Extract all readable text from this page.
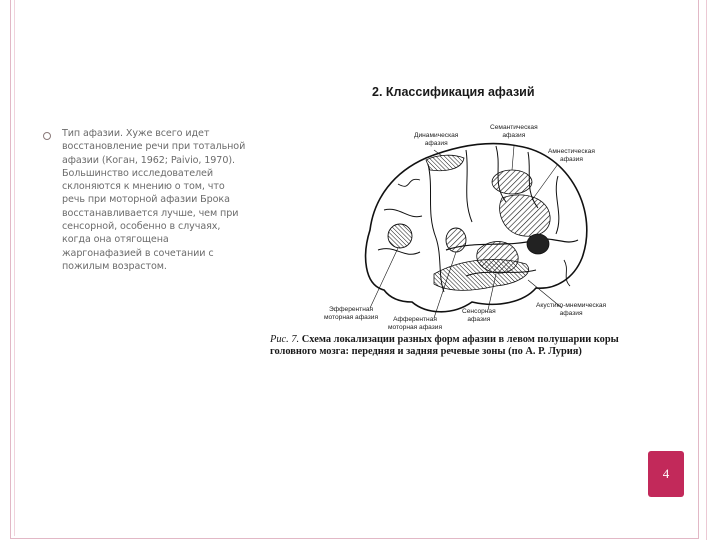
Тип афазии. Хуже всего идет восстановление речи при тотальной афазии (Коган, 1962; Paivio, 1970). Большинство исследователей склоняются к мнению о том, что речь при моторной афазии Брока восстанавливается лучше, чем при сенсорной, особенно в случаях, когда она отягощена жаргонафазией в сочетании с пожилым возрастом.
2. Классификация афазий
Динамическая
афазия
Семантическая
афазия
Амнестическая
афазия
Эфферентная
моторная афазия	Афферентная
моторная афазия
Сенсорная
афазия
Акустико-мнемическая
афазия
Рис. 7. Схема локализации разных форм афазии в левом полушарии коры головного мозга: передняя и задняя речевые зоны (по А. Р. Лурия)
4
